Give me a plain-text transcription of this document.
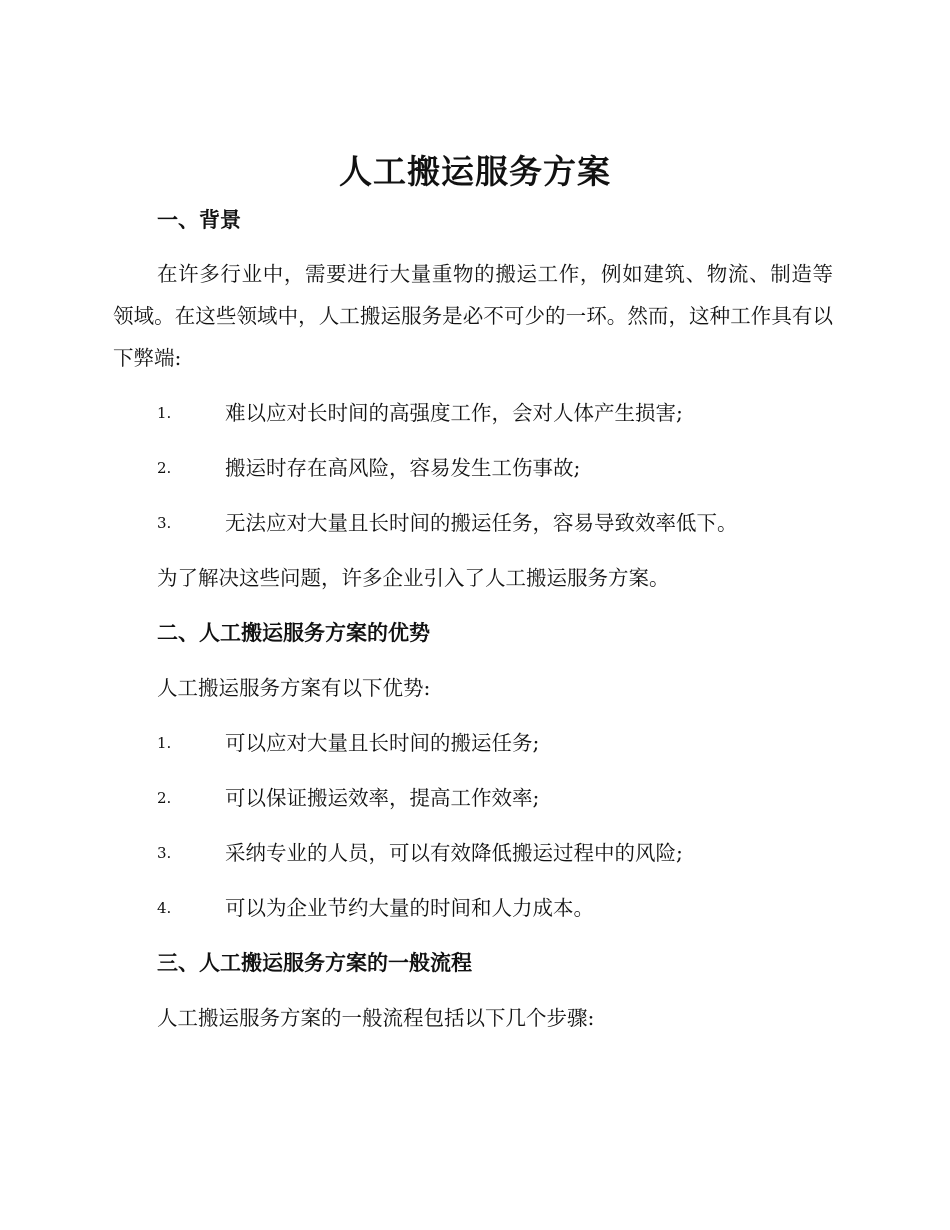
人工搬运服务方案
一、背景
在许多行业中，需要进行大量重物的搬运工作，例如建筑、物流、制造等领域。在这些领域中，人工搬运服务是必不可少的一环。然而，这种工作具有以下弊端:
1.	难以应对长时间的高强度工作，会对人体产生损害;
2.	搬运时存在高风险，容易发生工伤事故;
3.	无法应对大量且长时间的搬运任务，容易导致效率低下。
为了解决这些问题，许多企业引入了人工搬运服务方案。
二、人工搬运服务方案的优势
人工搬运服务方案有以下优势:
1.	可以应对大量且长时间的搬运任务;
2.	可以保证搬运效率，提高工作效率;
3.	采纳专业的人员，可以有效降低搬运过程中的风险;
4.	可以为企业节约大量的时间和人力成本。
三、人工搬运服务方案的一般流程
人工搬运服务方案的一般流程包括以下几个步骤:
